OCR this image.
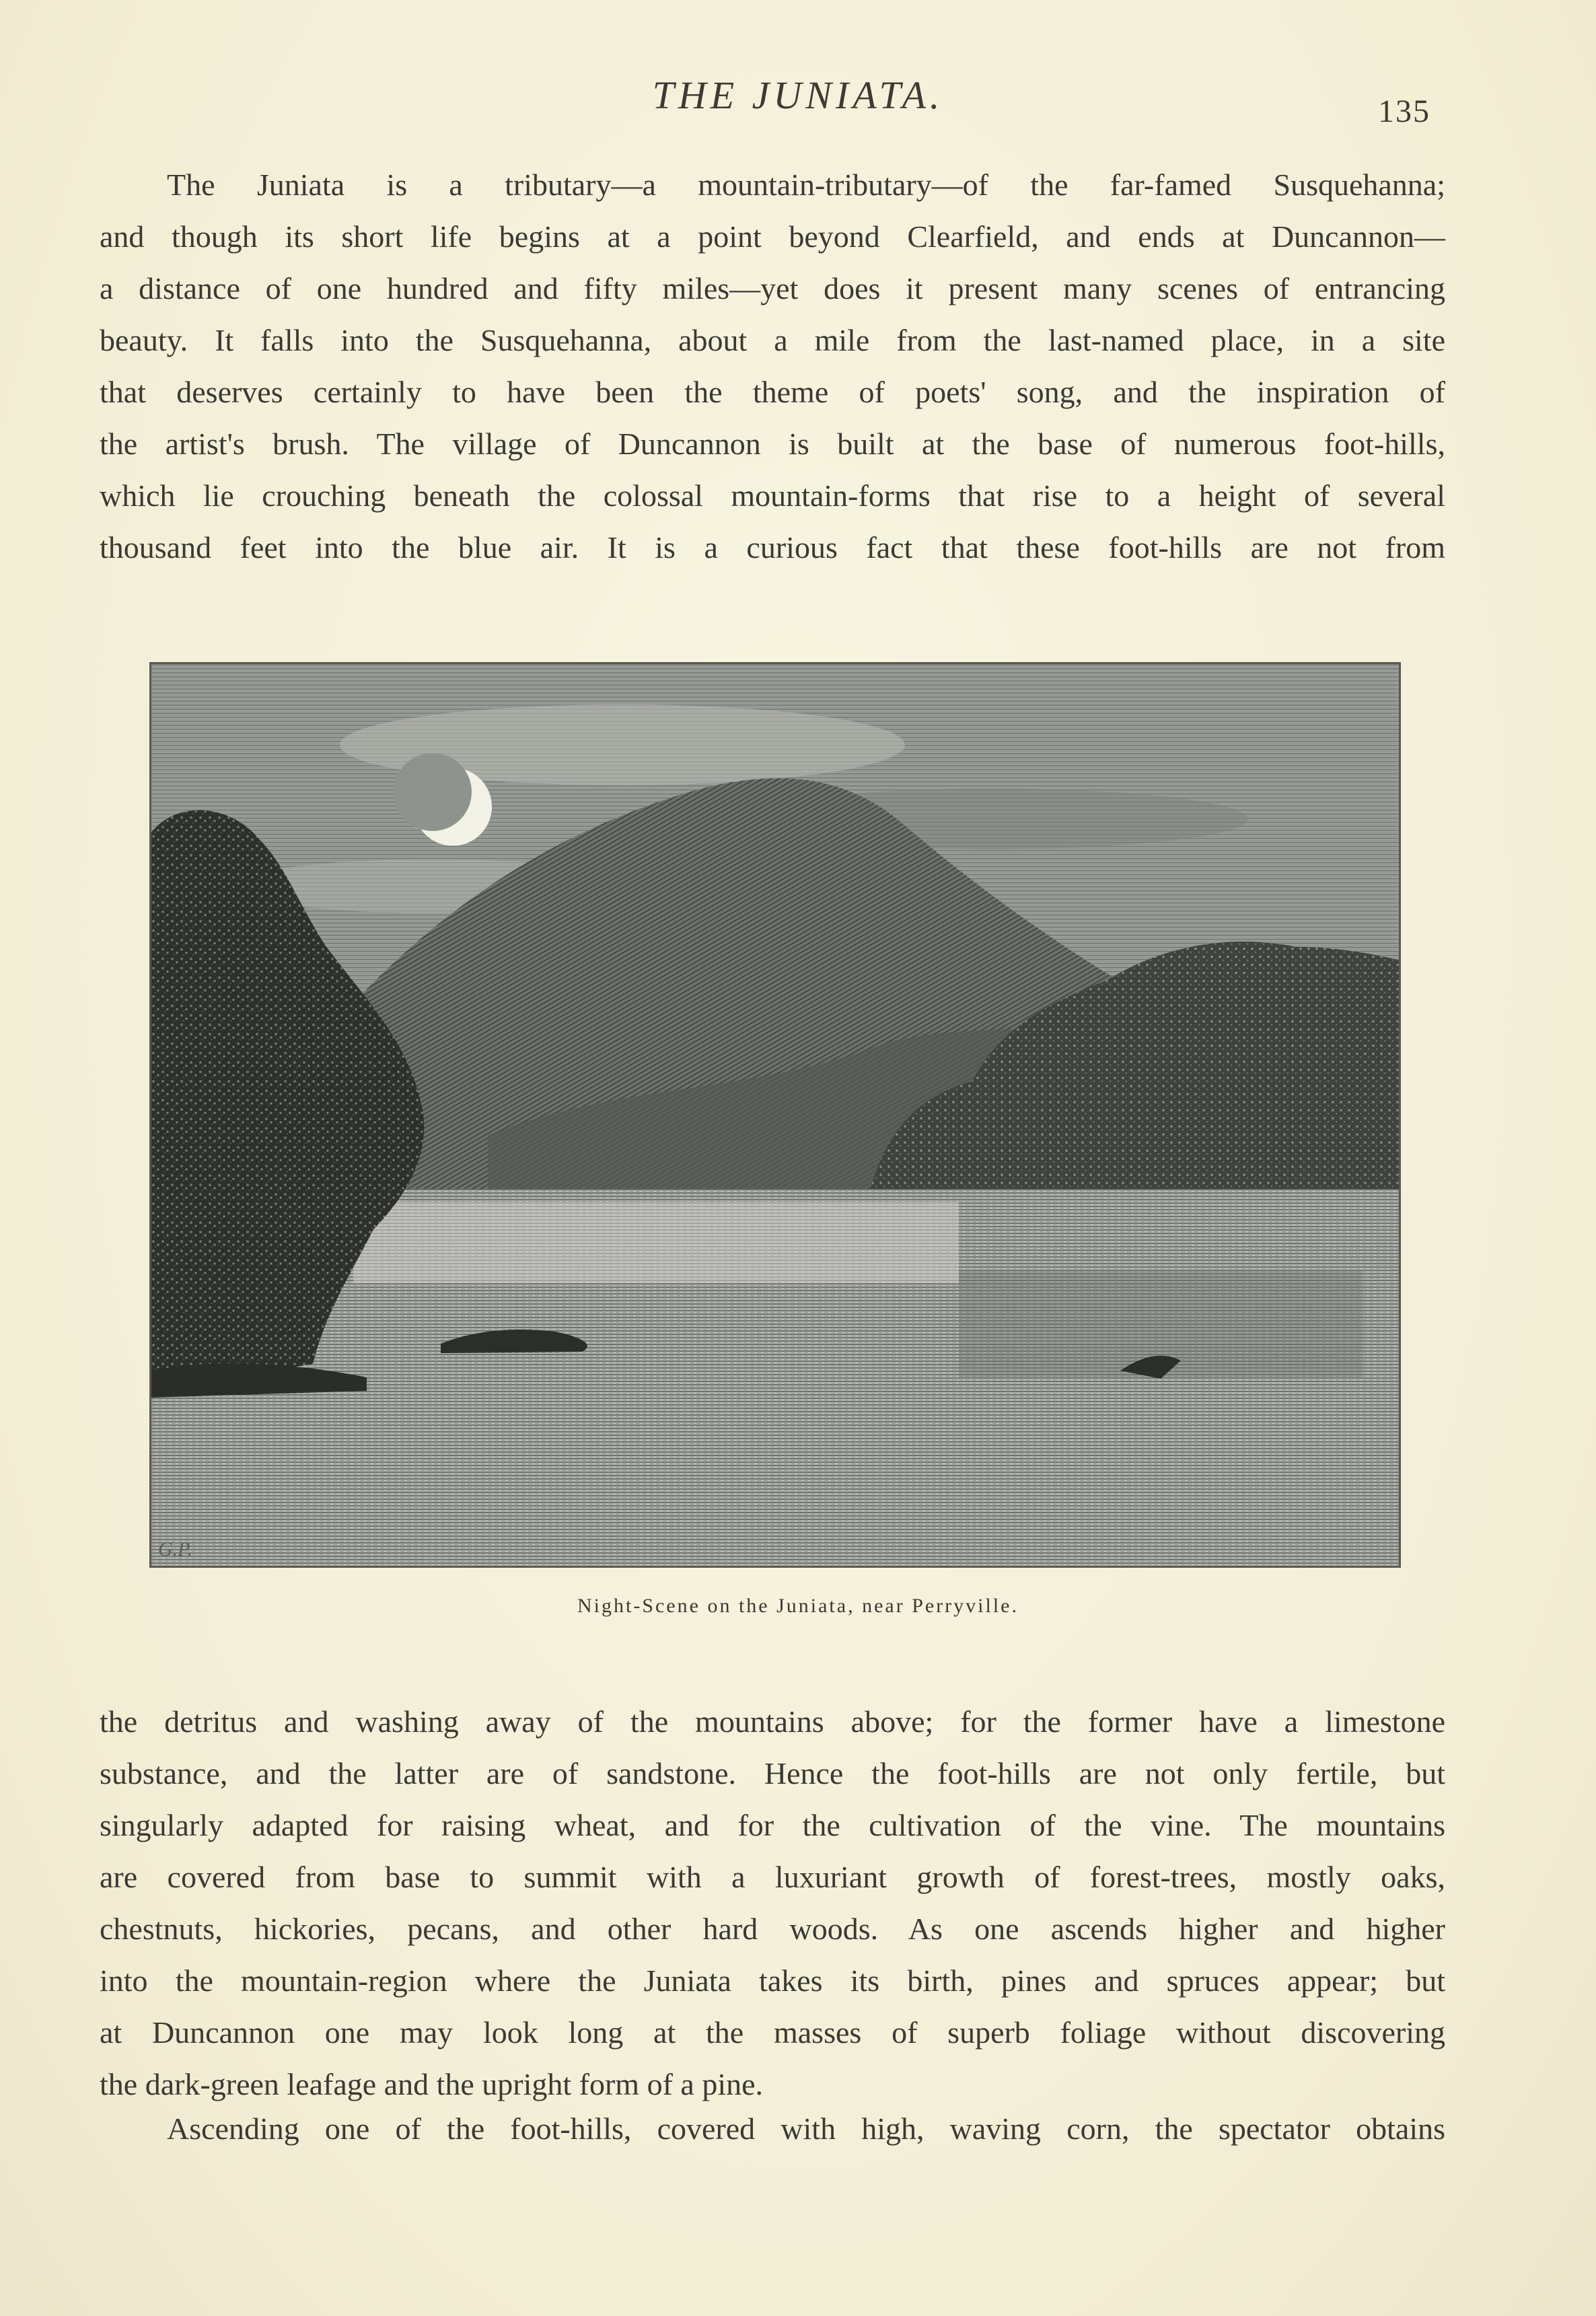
THE JUNIATA.	135
The Juniata is a tributary—a mountain-tributary—of the far-famed Susquehanna;
and though its short life begins at a point beyond Clearfield, and ends at Duncannon—
a distance of one hundred and fifty miles—yet does it present many scenes of entrancing
beauty. It falls into the Susquehanna, about a mile from the last-named place, in a site
that deserves certainly to have been the theme of poets' song, and the inspiration of
the artist's brush. The village of Duncannon is built at the base of numerous foot-hills,
which lie crouching beneath the colossal mountain-forms that rise to a height of several
thousand feet into the blue air. It is a curious fact that these foot-hills are not from
G.P.
Night-Scene on the Juniata, near Perryville.
the detritus and washing away of the mountains above; for the former have a limestone
substance, and the latter are of sandstone. Hence the foot-hills are not only fertile, but
singularly adapted for raising wheat, and for the cultivation of the vine. The mountains
are covered from base to summit with a luxuriant growth of forest-trees, mostly oaks,
chestnuts, hickories, pecans, and other hard woods. As one ascends higher and higher
into the mountain-region where the Juniata takes its birth, pines and spruces appear; but
at Duncannon one may look long at the masses of superb foliage without discovering
the dark-green leafage and the upright form of a pine.
Ascending one of the foot-hills, covered with high, waving corn, the spectator obtains
